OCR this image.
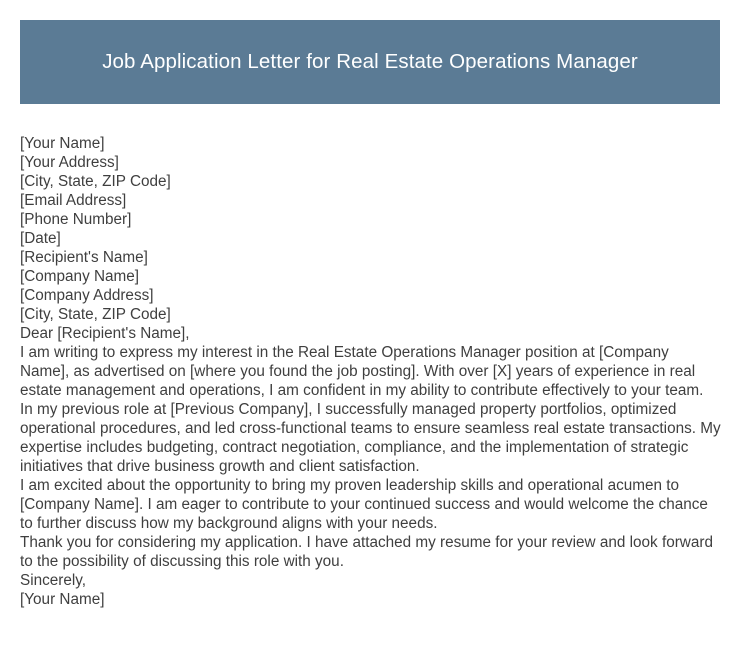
Job Application Letter for Real Estate Operations Manager
[Your Name]
[Your Address]
[City, State, ZIP Code]
[Email Address]
[Phone Number]
[Date]
[Recipient's Name]
[Company Name]
[Company Address]
[City, State, ZIP Code]
Dear [Recipient's Name],
I am writing to express my interest in the Real Estate Operations Manager position at [Company Name], as advertised on [where you found the job posting]. With over [X] years of experience in real estate management and operations, I am confident in my ability to contribute effectively to your team.
In my previous role at [Previous Company], I successfully managed property portfolios, optimized operational procedures, and led cross-functional teams to ensure seamless real estate transactions. My expertise includes budgeting, contract negotiation, compliance, and the implementation of strategic initiatives that drive business growth and client satisfaction.
I am excited about the opportunity to bring my proven leadership skills and operational acumen to [Company Name]. I am eager to contribute to your continued success and would welcome the chance to further discuss how my background aligns with your needs.
Thank you for considering my application. I have attached my resume for your review and look forward to the possibility of discussing this role with you.
Sincerely,
[Your Name]
